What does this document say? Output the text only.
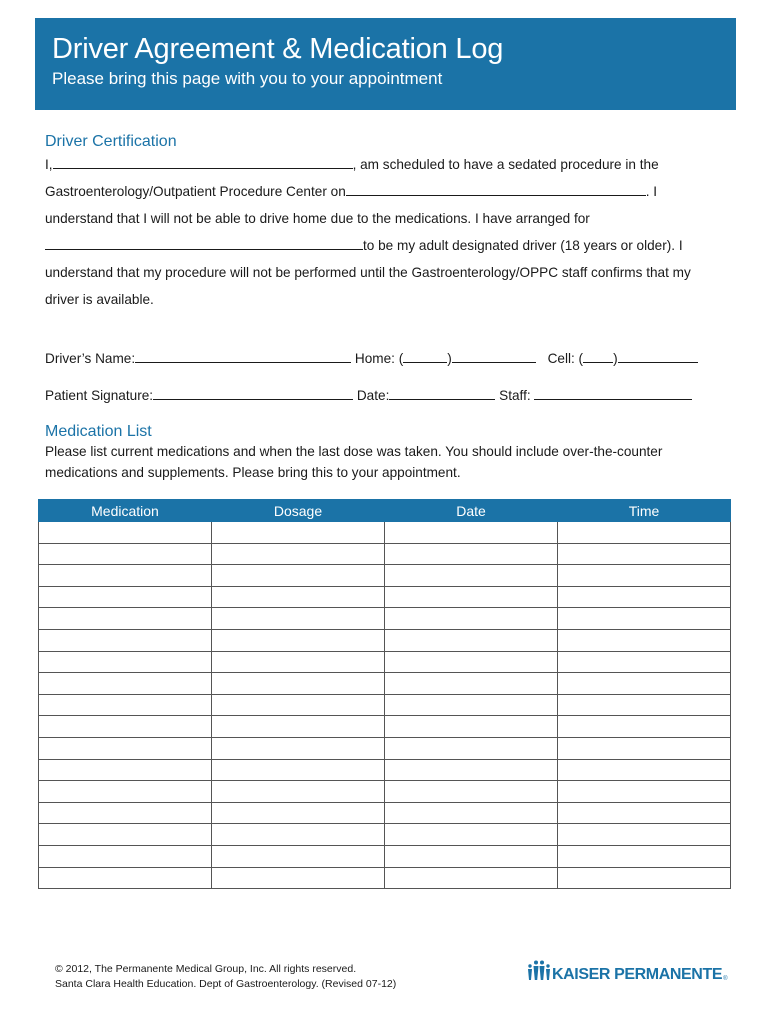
Driver Agreement & Medication Log
Please bring this page with you to your appointment
Driver Certification

I,	, am scheduled to have a sedated procedure in the Gastroenterology/Outpatient Procedure Center on	. I understand that I will not be able to drive home due to the medications. I have arranged for to be my adult designated driver (18 years or older). I understand that my procedure will not be performed until the Gastroenterology/OPPC staff confirms that my driver is available.

Driver’s Name:	Home: (	)	Cell: ( )
Patient Signature:	Date:	Staff:
Medication List

Please list current medications and when the last dose was taken. You should include over-the-counter medications and supplements. Please bring this to your appointment.

Medication	Dosage	Date	Time

© 2012, The Permanente Medical Group, Inc. All rights reserved.
Santa Clara Health Education. Dept of Gastroenterology. (Revised 07-12)
KAISER PERMANENTE ®
